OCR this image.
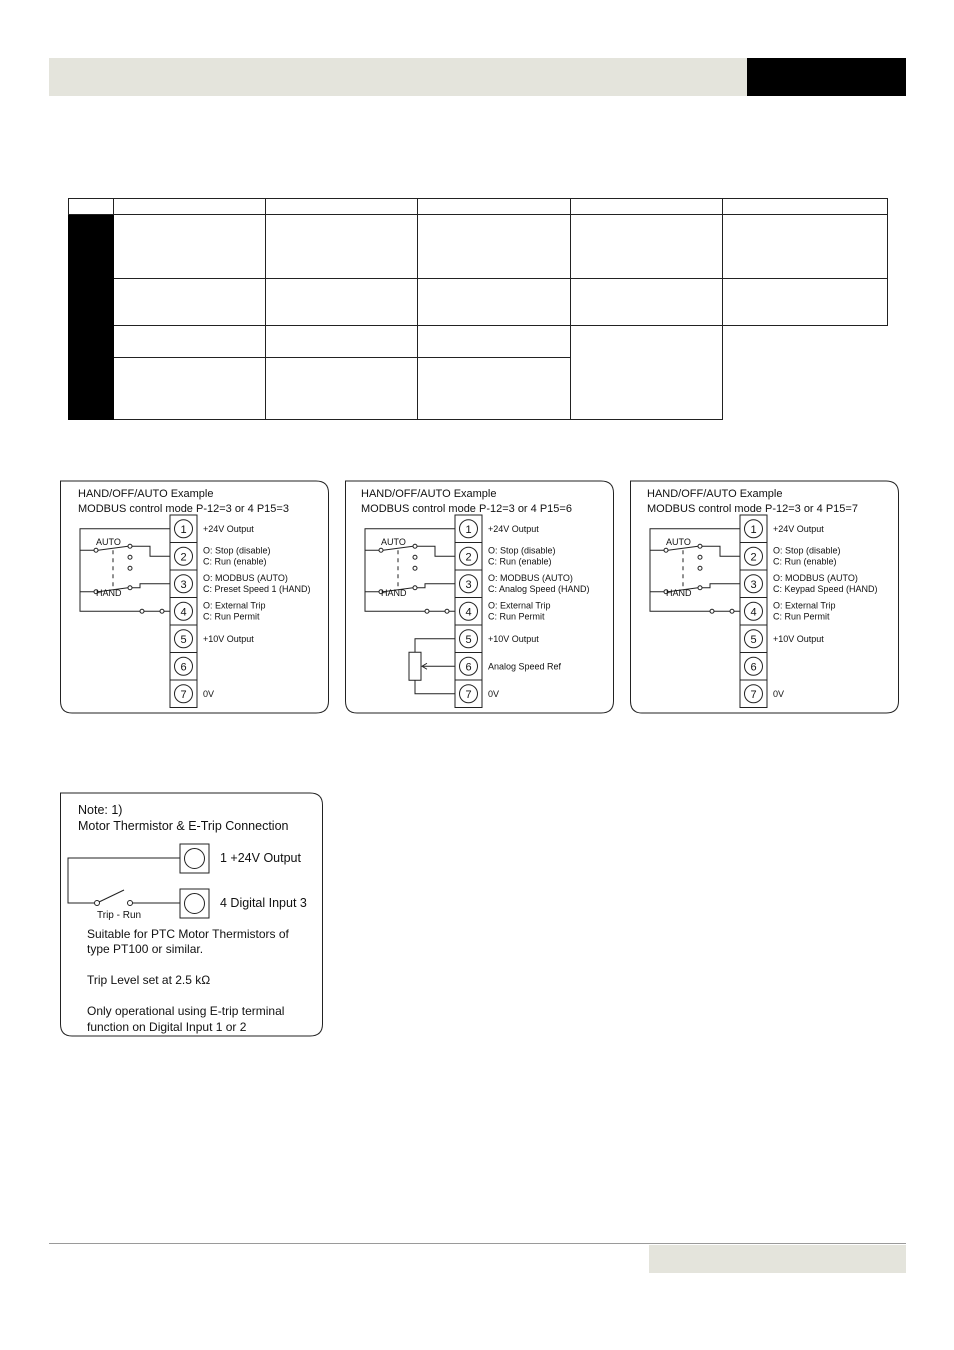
HAND/OFF/AUTO Example
MODBUS control mode P-12=3 or 4 P15=3
1
2
3
4
5
6
7
AUTO
HAND
+24V Output
O: Stop (disable)
C: Run (enable)
O: MODBUS (AUTO)
C: Preset Speed 1 (HAND)
O: External Trip
C: Run Permit
+10V Output
0V
HAND/OFF/AUTO Example
MODBUS control mode P-12=3 or 4 P15=6
1
2
3
4
5
6
7
AUTO
HAND
+24V Output
O: Stop (disable)
C: Run (enable)
O: MODBUS (AUTO)
C: Analog Speed (HAND)
O: External Trip
C: Run Permit
+10V Output
Analog Speed Ref
0V
HAND/OFF/AUTO Example
MODBUS control mode P-12=3 or 4 P15=7
1
2
3
4
5
6
7
AUTO
HAND
+24V Output
O: Stop (disable)
C: Run (enable)
O: MODBUS (AUTO)
C: Keypad Speed (HAND)
O: External Trip
C: Run Permit
+10V Output
0V
Note: 1)
Motor Thermistor & E-Trip Connection
1 +24V Output
4 Digital Input 3
Trip - Run
Suitable for PTC Motor Thermistors of
type PT100 or similar.
Trip Level set at 2.5 kΩ
Only operational using E-trip terminal
function on Digital Input 1 or 2
